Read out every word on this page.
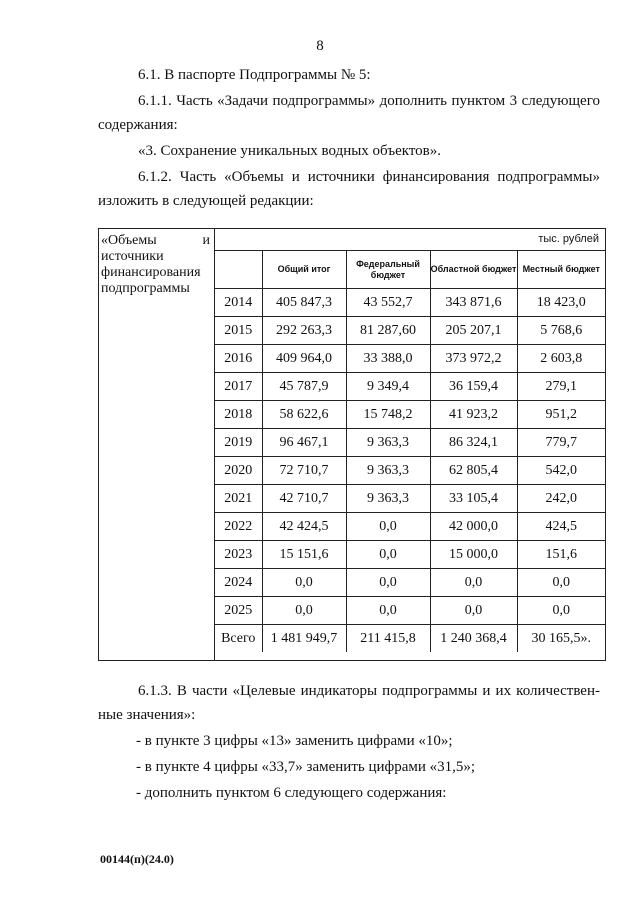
8
6.1. В паспорте Подпрограммы № 5:
6.1.1. Часть «Задачи подпрограммы» дополнить пунктом 3 следующего
содержания:
«3. Сохранение уникальных водных объектов».
6.1.2. Часть «Объемы и источники финансирования подпрограммы»
изложить в следующей редакции:
«Объемы	и
источники
финансирования
подпрограммы
тыс. рублей
	Общий итог	Федеральный бюджет	Областной бюджет	Местный бюджет
2014	405 847,3	43 552,7	343 871,6	18 423,0
2015	292 263,3	81 287,60	205 207,1	5 768,6
2016	409 964,0	33 388,0	373 972,2	2 603,8
2017	45 787,9	9 349,4	36 159,4	279,1
2018	58 622,6	15 748,2	41 923,2	951,2
2019	96 467,1	9 363,3	86 324,1	779,7
2020	72 710,7	9 363,3	62 805,4	542,0
2021	42 710,7	9 363,3	33 105,4	242,0
2022	42 424,5	0,0	42 000,0	424,5
2023	15 151,6	0,0	15 000,0	151,6
2024	0,0	0,0	0,0	0,0
2025	0,0	0,0	0,0	0,0
Всего	1 481 949,7	211 415,8	1 240 368,4	30 165,5».
6.1.3. В части «Целевые индикаторы подпрограммы и их количествен-
ные значения»:
- в пункте 3 цифры «13» заменить цифрами «10»;
- в пункте 4 цифры «33,7» заменить цифрами «31,5»;
- дополнить пунктом 6 следующего содержания:
00144(п)(24.0)
